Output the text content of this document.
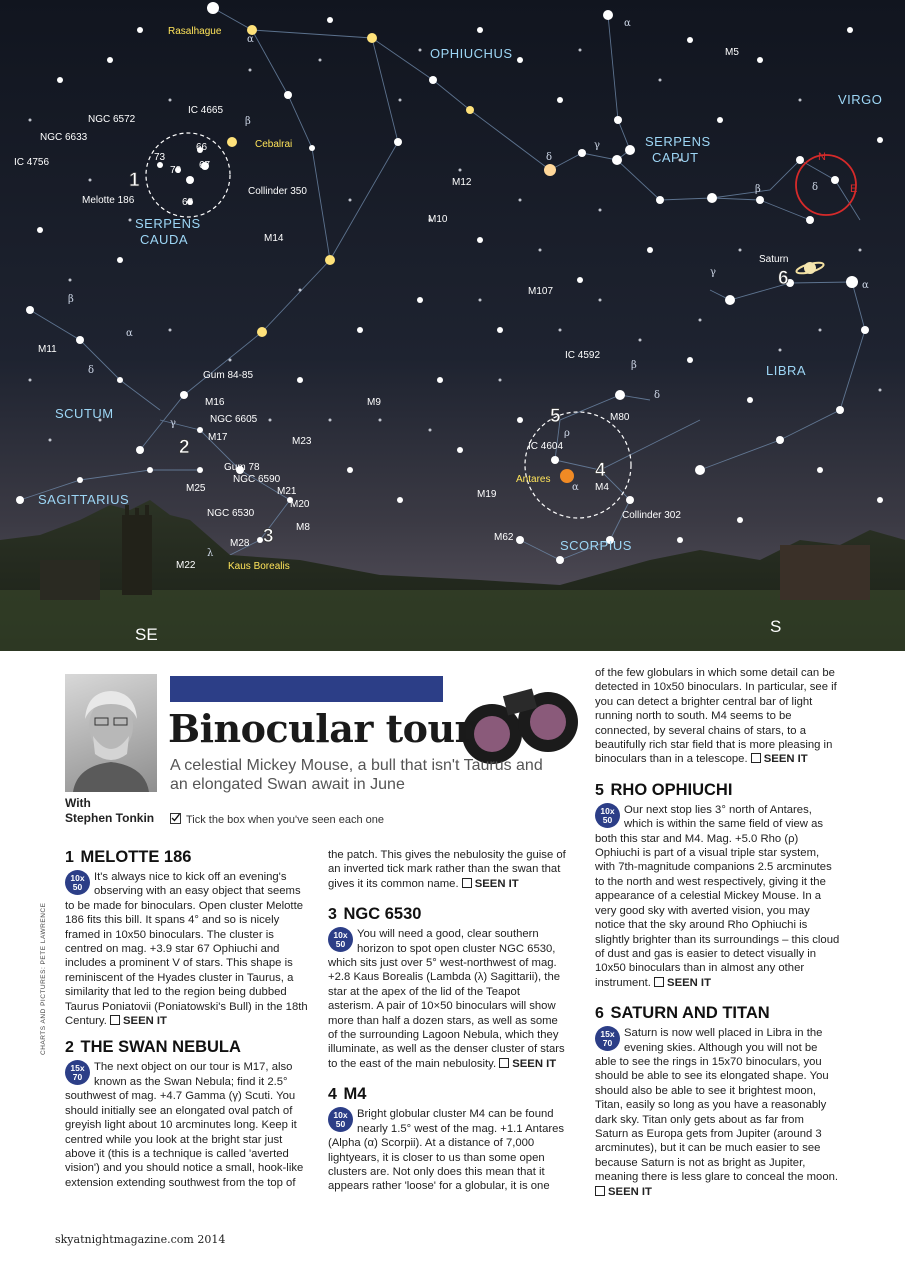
N
E
OPHIUCHUS
VIRGO
SERPENS
CAPUT
SERPENS
CAUDA
SCUTUM
SAGITTARIUS
SCORPIUS
LIBRA
Rasalhague
Cebalrai
Antares
Kaus Borealis
NGC 6572
IC 4665
NGC 6633
IC 4756
Melotte 186
Collinder 350
M12
M10
M14
M5
M107
M11
Gum 84-85
M16
NGC 6605
M17	M23
M9
Gum 78
NGC 6590
M21
M25
M20
NGC 6530
M8
M28
M22
M19
M62
IC 4592
M80
IC 4604
M4
Collinder 302
Saturn
73
70
66
67
68
α
β
α
δ
β
γ
β
α
δ
γ
λ
ρ
α
β
δ
δ
α
γ
1
2
3
4
5
6
SE	S
Binocular tour

A celestial Mickey Mouse, a bull that isn't Taurus and an elongated Swan await in June

With
Stephen Tonkin	Tick the box when you've seen each one
1 MELOTTE 186

10x
50
It's always nice to kick off an evening's observing with an easy object that seems to be made for binoculars. Open cluster Melotte 186 fits this bill. It spans 4° and so is nicely framed in 10x50 binoculars. The cluster is centred on mag. +3.9 star 67 Ophiuchi and includes a prominent V of stars. This shape is reminiscent of the Hyades cluster in Taurus, a similarity that led to the region being dubbed Taurus Poniatovii (Poniatowski's Bull) in the 18th Century. SEEN IT

2 THE SWAN NEBULA

15x
70
The next object on our tour is M17, also known as the Swan Nebula; find it 2.5° southwest of mag. +4.7 Gamma (γ) Scuti. You should initially see an elongated oval patch of greyish light about 10 arcminutes long. Keep it centred while you look at the bright star just above it (this is a technique is called 'averted vision') and you should notice a small, hook-like extension extending southwest from the top of

the patch. This gives the nebulosity the guise of an inverted tick mark rather than the swan that gives it its common name. SEEN IT

3 NGC 6530

10x
50
You will need a good, clear southern horizon to spot open cluster NGC 6530, which sits just over 5° west-northwest of mag. +2.8 Kaus Borealis (Lambda (λ) Sagittarii), the star at the apex of the lid of the Teapot asterism. A pair of 10×50 binoculars will show more than half a dozen stars, as well as some of the surrounding Lagoon Nebula, which they illuminate, as well as the denser cluster of stars to the east of the main nebulosity. SEEN IT

4 M4

10x
50
Bright globular cluster M4 can be found nearly 1.5° west of the mag. +1.1 Antares (Alpha (α) Scorpii). At a distance of 7,000 lightyears, it is closer to us than some open clusters are. Not only does this mean that it appears rather 'loose' for a globular, it is one

of the few globulars in which some detail can be detected in 10x50 binoculars. In particular, see if you can detect a brighter central bar of light running north to south. M4 seems to be connected, by several chains of stars, to a beautifully rich star field that is more pleasing in binoculars than in a telescope. SEEN IT

5 RHO OPHIUCHI

10x
50
Our next stop lies 3° north of Antares, which is within the same field of view as both this star and M4. Mag. +5.0 Rho (ρ) Ophiuchi is part of a visual triple star system, with 7th-magnitude companions 2.5 arcminutes to the north and west respectively, giving it the appearance of a celestial Mickey Mouse. In a very good sky with averted vision, you may notice that the sky around Rho Ophiuchi is slightly brighter than its surroundings – this cloud of dust and gas is easier to detect visually in 10x50 binoculars than in almost any other instrument. SEEN IT

6 SATURN AND TITAN

15x
70
Saturn is now well placed in Libra in the evening skies. Although you will not be able to see the rings in 15x70 binoculars, you should be able to see its elongated shape. You should also be able to see it brightest moon, Titan, easily so long as you have a reasonably dark sky. Titan only gets about as far from Saturn as Europa gets from Jupiter (around 3 arcminutes), but it can be much easier to see because Saturn is not as bright as Jupiter, meaning there is less glare to conceal the moon. SEEN IT

CHARTS AND PICTURES: PETE LAWRENCE
skyatnightmagazine.com 2014
